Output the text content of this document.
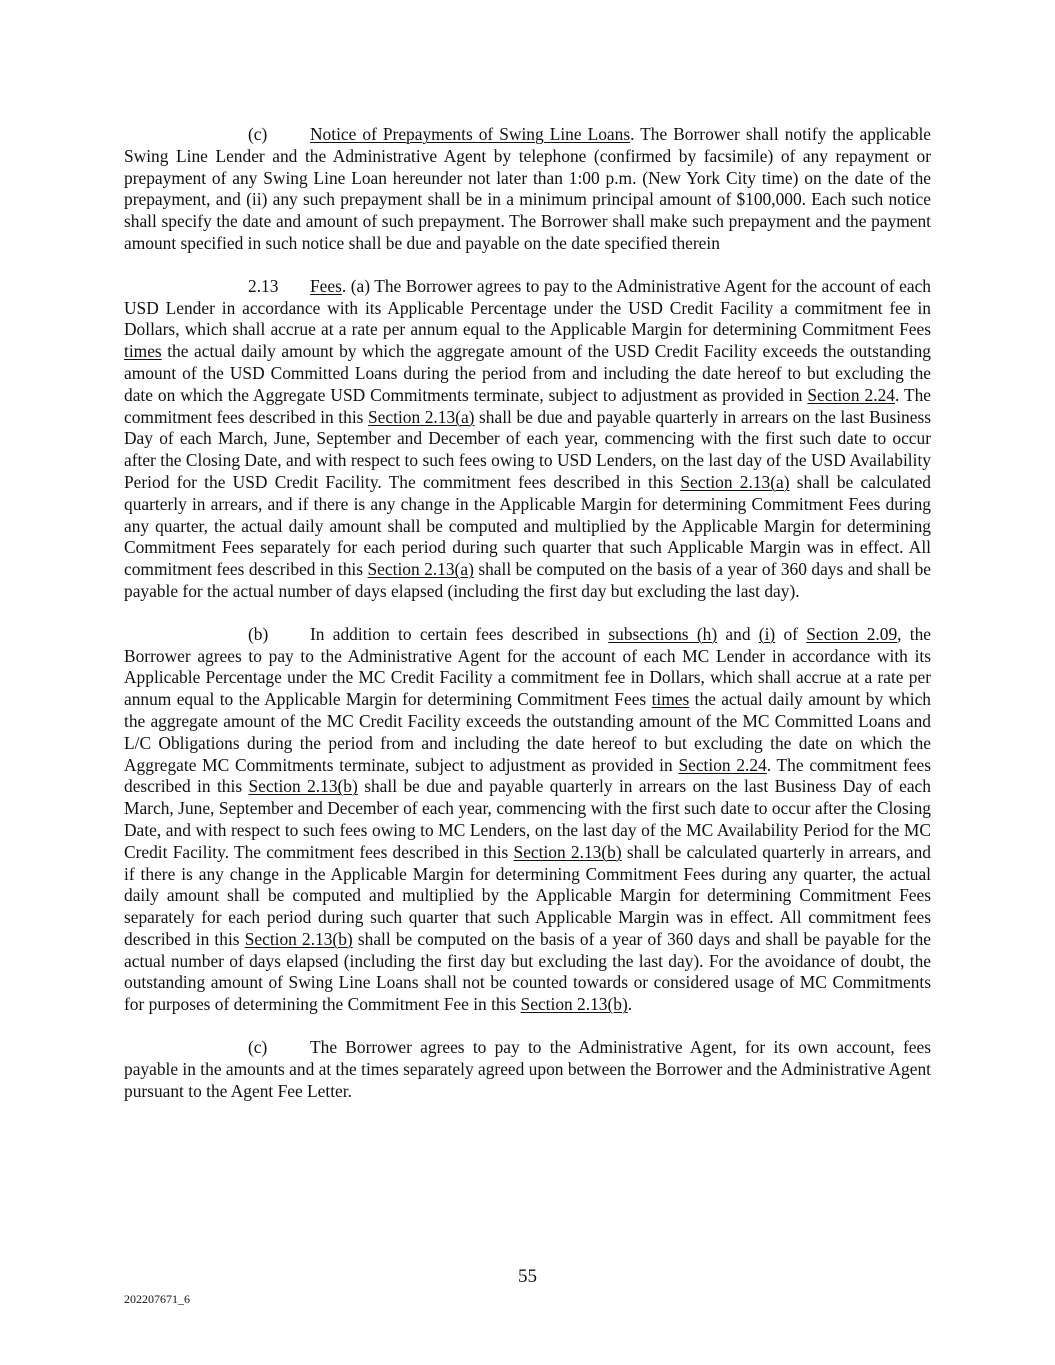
(c) Notice of Prepayments of Swing Line Loans. The Borrower shall notify the applicable Swing Line Lender and the Administrative Agent by telephone (confirmed by facsimile) of any repayment or prepayment of any Swing Line Loan hereunder not later than 1:00 p.m. (New York City time) on the date of the prepayment, and (ii) any such prepayment shall be in a minimum principal amount of $100,000. Each such notice shall specify the date and amount of such prepayment. The Borrower shall make such prepayment and the payment amount specified in such notice shall be due and payable on the date specified therein

2.13 Fees. (a) The Borrower agrees to pay to the Administrative Agent for the account of each USD Lender in accordance with its Applicable Percentage under the USD Credit Facility a commitment fee in Dollars, which shall accrue at a rate per annum equal to the Applicable Margin for determining Commitment Fees times the actual daily amount by which the aggregate amount of the USD Credit Facility exceeds the outstanding amount of the USD Committed Loans during the period from and including the date hereof to but excluding the date on which the Aggregate USD Commitments terminate, subject to adjustment as provided in Section 2.24. The commitment fees described in this Section 2.13(a) shall be due and payable quarterly in arrears on the last Business Day of each March, June, September and December of each year, commencing with the first such date to occur after the Closing Date, and with respect to such fees owing to USD Lenders, on the last day of the USD Availability Period for the USD Credit Facility. The commitment fees described in this Section 2.13(a) shall be calculated quarterly in arrears, and if there is any change in the Applicable Margin for determining Commitment Fees during any quarter, the actual daily amount shall be computed and multiplied by the Applicable Margin for determining Commitment Fees separately for each period during such quarter that such Applicable Margin was in effect. All commitment fees described in this Section 2.13(a) shall be computed on the basis of a year of 360 days and shall be payable for the actual number of days elapsed (including the first day but excluding the last day).

(b) In addition to certain fees described in subsections (h) and (i) of Section 2.09, the Borrower agrees to pay to the Administrative Agent for the account of each MC Lender in accordance with its Applicable Percentage under the MC Credit Facility a commitment fee in Dollars, which shall accrue at a rate per annum equal to the Applicable Margin for determining Commitment Fees times the actual daily amount by which the aggregate amount of the MC Credit Facility exceeds the outstanding amount of the MC Committed Loans and L/C Obligations during the period from and including the date hereof to but excluding the date on which the Aggregate MC Commitments terminate, subject to adjustment as provided in Section 2.24. The commitment fees described in this Section 2.13(b) shall be due and payable quarterly in arrears on the last Business Day of each March, June, September and December of each year, commencing with the first such date to occur after the Closing Date, and with respect to such fees owing to MC Lenders, on the last day of the MC Availability Period for the MC Credit Facility. The commitment fees described in this Section 2.13(b) shall be calculated quarterly in arrears, and if there is any change in the Applicable Margin for determining Commitment Fees during any quarter, the actual daily amount shall be computed and multiplied by the Applicable Margin for determining Commitment Fees separately for each period during such quarter that such Applicable Margin was in effect. All commitment fees described in this Section 2.13(b) shall be computed on the basis of a year of 360 days and shall be payable for the actual number of days elapsed (including the first day but excluding the last day). For the avoidance of doubt, the outstanding amount of Swing Line Loans shall not be counted towards or considered usage of MC Commitments for purposes of determining the Commitment Fee in this Section 2.13(b).

(c) The Borrower agrees to pay to the Administrative Agent, for its own account, fees payable in the amounts and at the times separately agreed upon between the Borrower and the Administrative Agent pursuant to the Agent Fee Letter.

55
202207671_6
